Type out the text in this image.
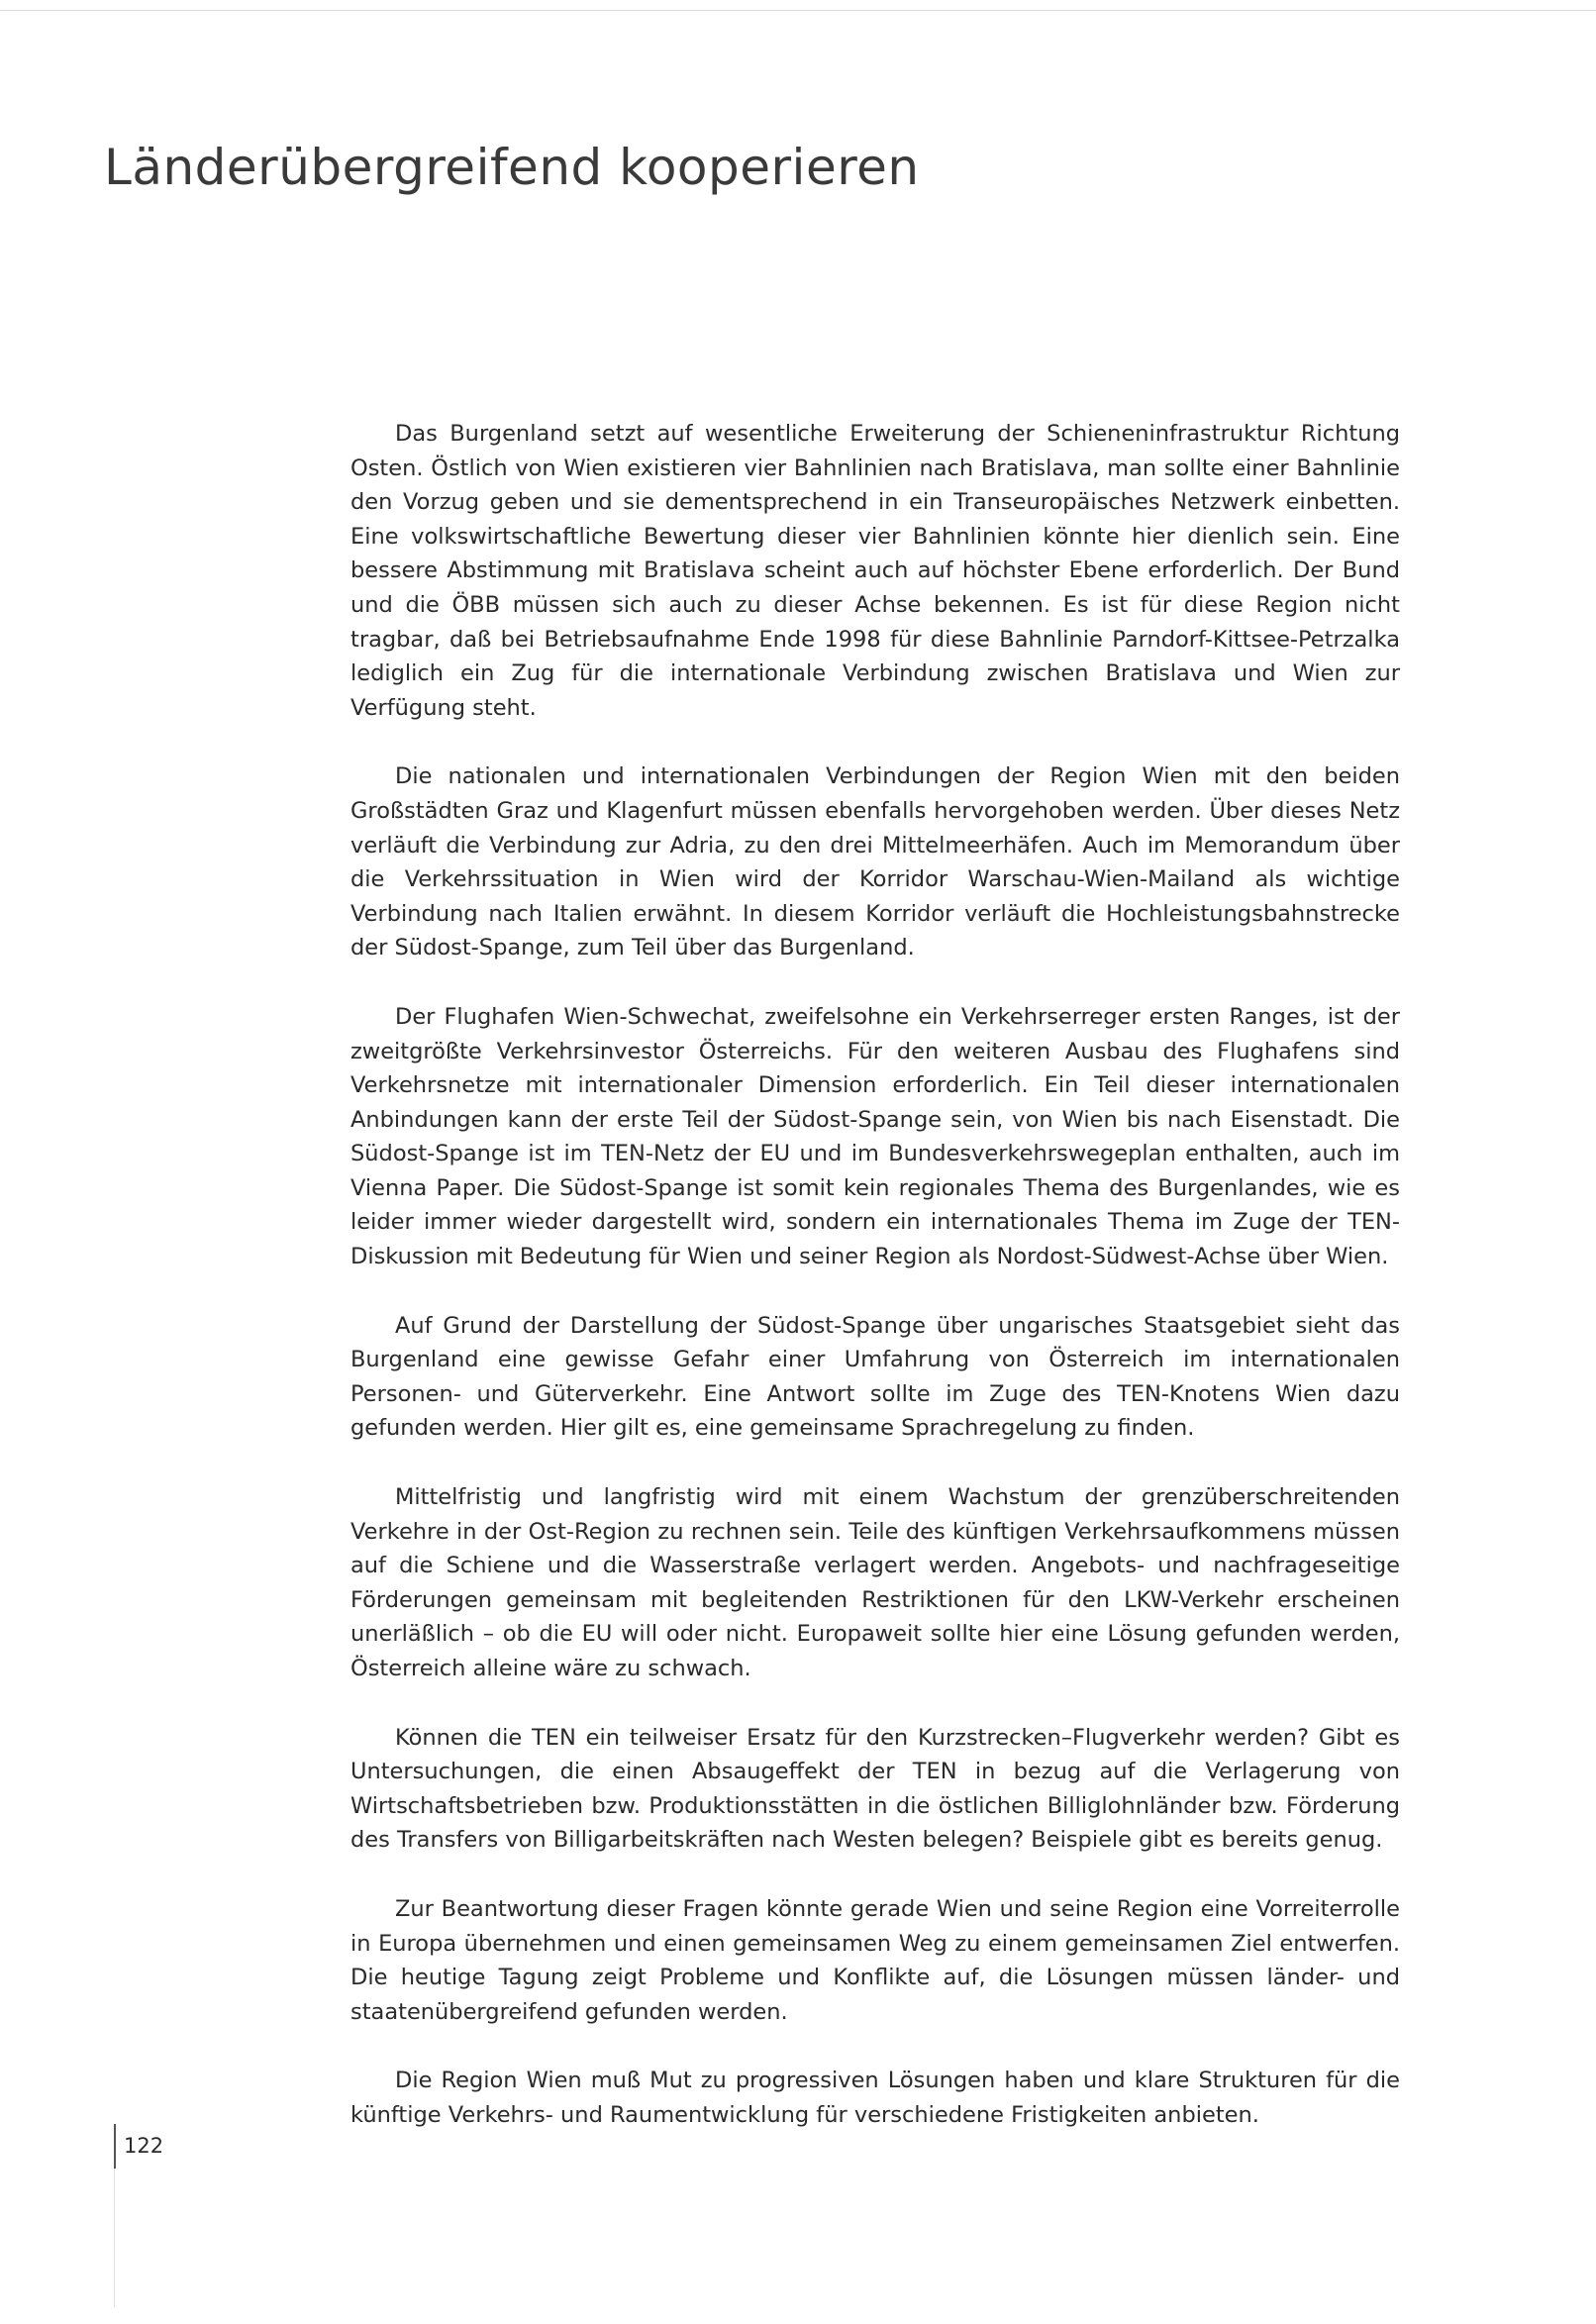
Länderübergreifend kooperieren

Das Burgenland setzt auf wesentliche Erweiterung der Schieneninfrastruktur Richtung Osten. Östlich von Wien existieren vier Bahnlinien nach Bratislava, man sollte einer Bahnlinie den Vorzug geben und sie dementsprechend in ein Transeuropäisches Netzwerk einbetten. Eine volkswirtschaftliche Bewertung dieser vier Bahnlinien könnte hier dienlich sein. Eine bessere Abstimmung mit Bratislava scheint auch auf höchster Ebene erforderlich. Der Bund und die ÖBB müssen sich auch zu dieser Achse bekennen. Es ist für diese Region nicht tragbar, daß bei Betriebsaufnahme Ende 1998 für diese Bahnlinie Parndorf-Kittsee-Petrzalka lediglich ein Zug für die internationale Verbindung zwischen Bratislava und Wien zur Verfügung steht.

Die nationalen und internationalen Verbindungen der Region Wien mit den beiden Großstädten Graz und Klagenfurt müssen ebenfalls hervorgehoben werden. Über dieses Netz verläuft die Verbindung zur Adria, zu den drei Mittelmeerhäfen. Auch im Memorandum über die Verkehrssituation in Wien wird der Korridor Warschau-Wien-Mailand als wichtige Verbindung nach Italien erwähnt. In diesem Korridor verläuft die Hochleistungsbahnstrecke der Südost-Spange, zum Teil über das Burgenland.

Der Flughafen Wien-Schwechat, zweifelsohne ein Verkehrserreger ersten Ranges, ist der zweitgrößte Verkehrsinvestor Österreichs. Für den weiteren Ausbau des Flughafens sind Verkehrsnetze mit internationaler Dimension erforderlich. Ein Teil dieser internationalen Anbindungen kann der erste Teil der Südost-Spange sein, von Wien bis nach Eisenstadt. Die Südost-Spange ist im TEN-Netz der EU und im Bundesverkehrswegeplan enthalten, auch im Vienna Paper. Die Südost-Spange ist somit kein regionales Thema des Burgenlandes, wie es leider immer wieder dargestellt wird, sondern ein internationales Thema im Zuge der TEN-Diskussion mit Bedeutung für Wien und seiner Region als Nordost-Südwest-Achse über Wien.

Auf Grund der Darstellung der Südost-Spange über ungarisches Staatsgebiet sieht das Burgenland eine gewisse Gefahr einer Umfahrung von Österreich im internationalen Personen- und Güterverkehr. Eine Antwort sollte im Zuge des TEN-Knotens Wien dazu gefunden werden. Hier gilt es, eine gemeinsame Sprachregelung zu finden.

Mittelfristig und langfristig wird mit einem Wachstum der grenzüberschreitenden Verkehre in der Ost-Region zu rechnen sein. Teile des künftigen Verkehrsaufkommens müssen auf die Schiene und die Wasserstraße verlagert werden. Angebots- und nachfrageseitige Förderungen gemeinsam mit begleitenden Restriktionen für den LKW-Verkehr erscheinen unerläßlich – ob die EU will oder nicht. Europaweit sollte hier eine Lösung gefunden werden, Österreich alleine wäre zu schwach.

Können die TEN ein teilweiser Ersatz für den Kurzstrecken–Flugverkehr werden? Gibt es Untersuchungen, die einen Absaugeffekt der TEN in bezug auf die Verlagerung von Wirtschaftsbetrieben bzw. Produktionsstätten in die östlichen Billiglohnländer bzw. Förderung des Transfers von Billigarbeitskräften nach Westen belegen? Beispiele gibt es bereits genug.

Zur Beantwortung dieser Fragen könnte gerade Wien und seine Region eine Vorreiterrolle in Europa übernehmen und einen gemeinsamen Weg zu einem gemeinsamen Ziel entwerfen. Die heutige Tagung zeigt Probleme und Konflikte auf, die Lösungen müssen länder- und staatenübergreifend gefunden werden.

Die Region Wien muß Mut zu progressiven Lösungen haben und klare Strukturen für die künftige Verkehrs- und Raumentwicklung für verschiedene Fristigkeiten anbieten.

122
